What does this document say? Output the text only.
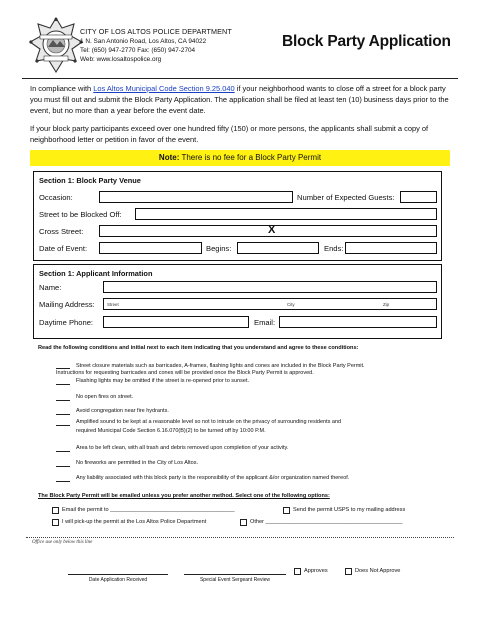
CITY OF LOS ALTOS POLICE DEPARTMENT
1 N. San Antonio Road, Los Altos, CA 94022
Tel: (650) 947-2770 Fax: (650) 947-2704
Web: www.losaltospolice.org
Block Party Application
In compliance with Los Altos Municipal Code Section 9.25.040 if your neighborhood wants to close off a street for a block party you must fill out and submit the Block Party Application. The application shall be filed at least ten (10) business days prior to the event, but no more than a year before the event date.
If your block party participants exceed over one hundred fifty (150) or more persons, the applicants shall submit a copy of neighborhood letter or petition in favor of the event.
Note: There is no fee for a Block Party Permit
Section 1: Block Party Venue
Occasion:	Number of Expected Guests:
Street to be Blocked Off:
Cross Street:	X
Date of Event:	Begins:	Ends:
Section 1: Applicant Information
Name:
Mailing Address:	Street	City	Zip
Daytime Phone:	Email:
Read the following conditions and initial next to each item indicating that you understand and agree to these conditions:
Street closure materials such as barricades, A-frames, flashing lights and cones are included in the Block Party Permit.
Instructions for requesting barricades and cones will be provided once the Block Party Permit is approved.
Flashing lights may be omitted if the street is re-opened prior to sunset.
No open fires on street.
Avoid congregation near fire hydrants.
Amplified sound to be kept at a reasonable level so not to intrude on the privacy of surrounding residents and
required Municipal Code Section 6.16.070(B)(2) to be turned off by 10:00 P.M.
Area to be left clean, with all trash and debris removed upon completion of your activity.
No fireworks are permitted in the City of Los Altos.
Any liability associated with this block party is the responsibility of the applicant &/or organization named thereof.
The Block Party Permit will be emailed unless you prefer another method. Select one of the following options:
Email the permit to ________________________________________	Send the permit USPS to my mailing address
I will pick-up the permit at the Los Altos Police Department	Other ____________________________________________
Office use only below this line
Date Application Received	Special Event Sergeant Review
Approves	Does Not Approve
